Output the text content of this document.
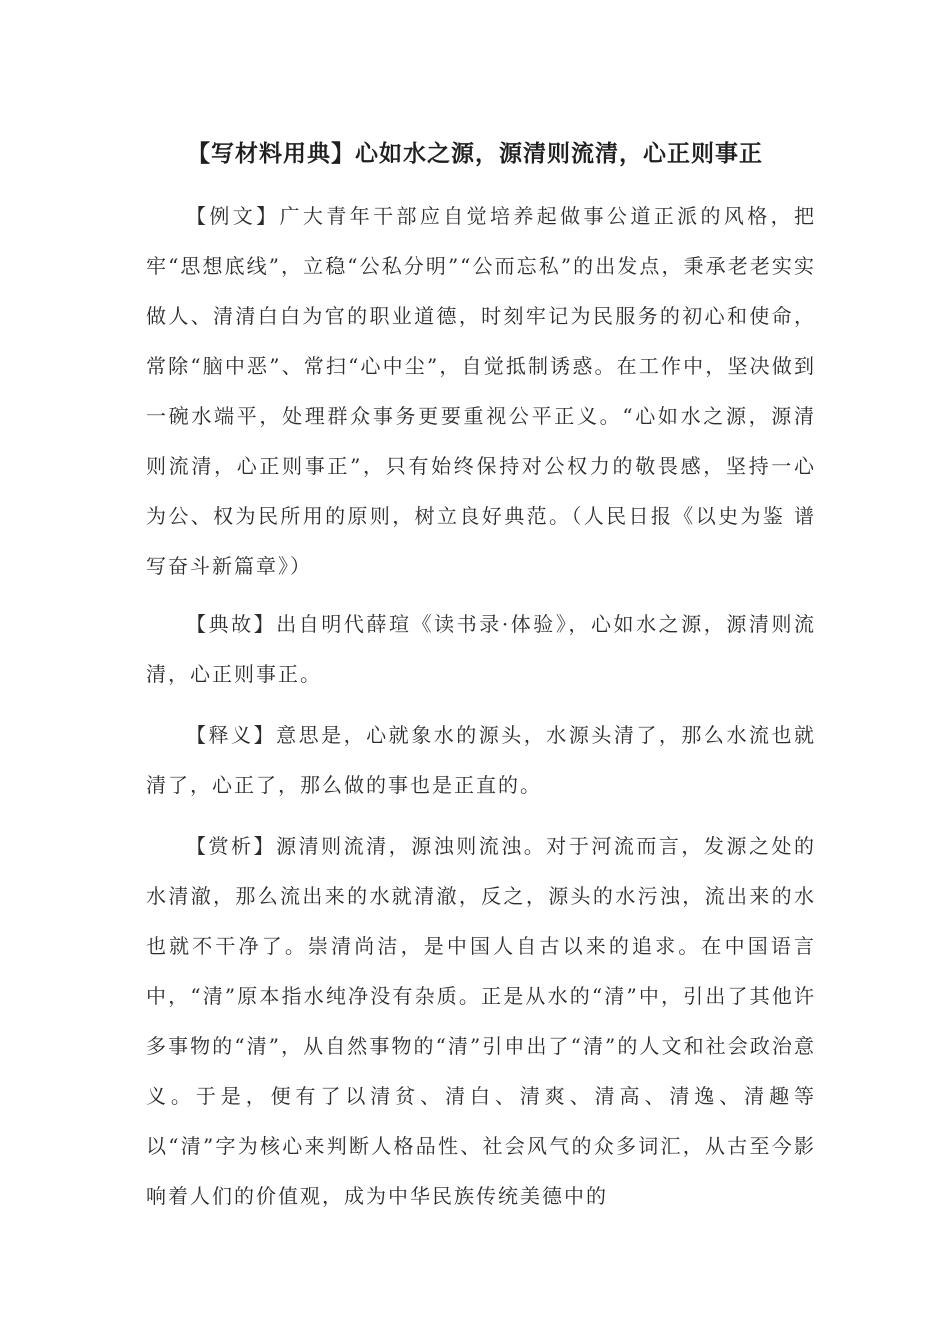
【写材料用典】心如水之源，源清则流清，心正则事正

【例文】广大青年干部应自觉培养起做事公道正派的风格，把牢“思想底线”，立稳“公私分明”“公而忘私”的出发点，秉承老老实实做人、清清白白为官的职业道德，时刻牢记为民服务的初心和使命，常除“脑中恶”、常扫“心中尘”，自觉抵制诱惑。在工作中，坚决做到一碗水端平，处理群众事务更要重视公平正义。“心如水之源，源清则流清，心正则事正”，只有始终保持对公权力的敬畏感，坚持一心为公、权为民所用的原则，树立良好典范。（人民日报《以史为鉴 谱写奋斗新篇章》）

【典故】出自明代薛瑄《读书录·体验》，心如水之源，源清则流清，心正则事正。

【释义】意思是，心就象水的源头，水源头清了，那么水流也就清了，心正了，那么做的事也是正直的。

【赏析】源清则流清，源浊则流浊。对于河流而言，发源之处的水清澈，那么流出来的水就清澈，反之，源头的水污浊，流出来的水也就不干净了。崇清尚洁，是中国人自古以来的追求。在中国语言中，“清”原本指水纯净没有杂质。正是从水的“清”中，引出了其他许多事物的“清”，从自然事物的“清”引申出了“清”的人文和社会政治意义。于是，便有了以清贫、清白、清爽、清高、清逸、清趣等以“清”字为核心来判断人格品性、社会风气的众多词汇，从古至今影响着人们的价值观，成为中华民族传统美德中的
